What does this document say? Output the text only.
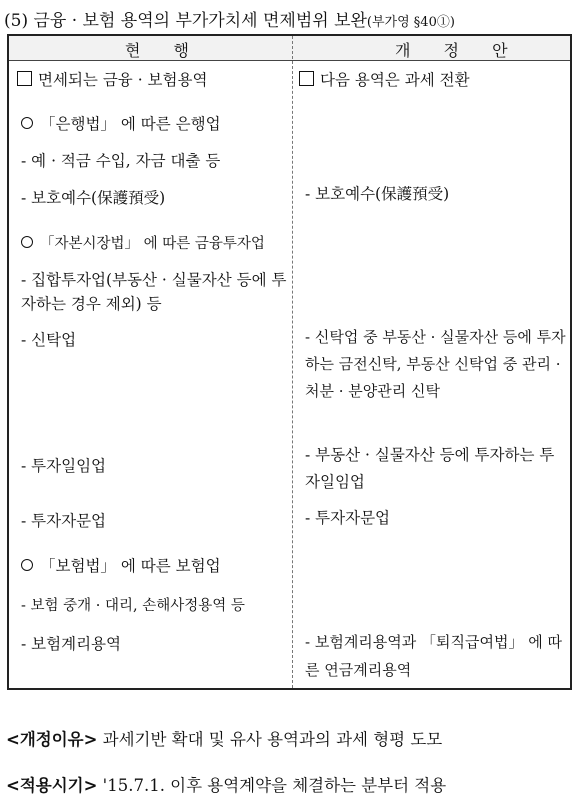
(5) 금융 · 보험 용역의 부가가치세 면제범위 보완(부가영 §40①)
현 행	개 정 안
면세되는 금융 · 보험용역
「은행법」 에 따른 은행업
- 예 · 적금 수입, 자금 대출 등
- 보호예수(保護預受)
「자본시장법」 에 따른 금융투자업
- 집합투자업(부동산 · 실물자산 등에 투자하는 경우 제외) 등
- 신탁업
- 투자일임업
- 투자자문업
「보험법」 에 따른 보험업
- 보험 중개 · 대리, 손해사정용역 등
- 보험계리용역
다음 용역은 과세 전환
- 보호예수(保護預受)
- 신탁업 중 부동산 · 실물자산 등에 투자하는 금전신탁, 부동산 신탁업 중 관리 · 처분 · 분양관리 신탁
- 부동산 · 실물자산 등에 투자하는 투자일임업
- 투자자문업
- 보험계리용역과 「퇴직급여법」 에 따른 연금계리용역
<개정이유> 과세기반 확대 및 유사 용역과의 과세 형평 도모
<적용시기> '15.7.1. 이후 용역계약을 체결하는 분부터 적용
